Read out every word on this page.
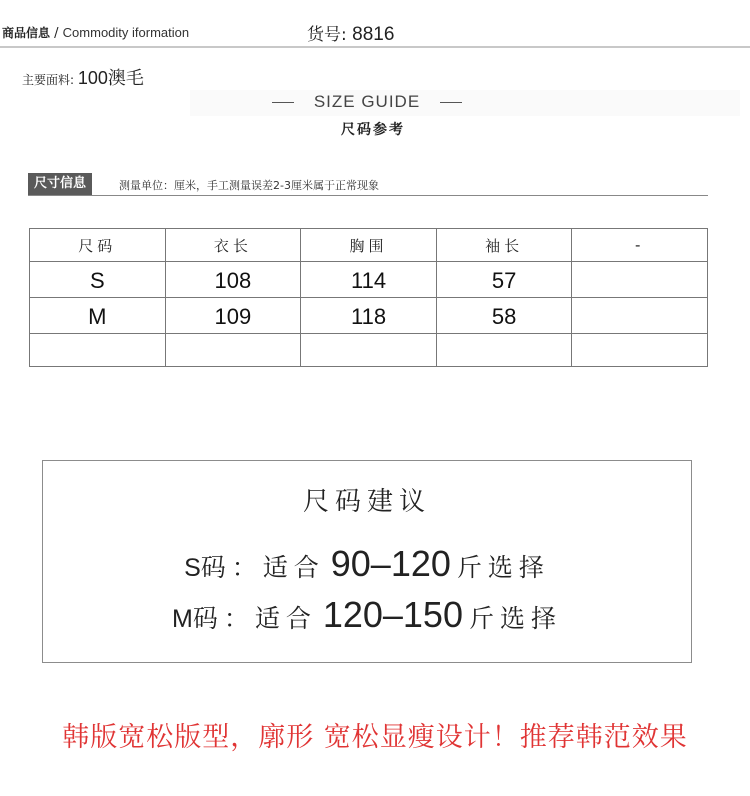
商品信息 / Commodity iformation	货号: 8816
主要面料: 100澳毛
SIZE GUIDE
尺码参考
尺寸信息	测量单位：厘米，手工测量误差2-3厘米属于正常现象
尺码	衣长	胸围	袖长	-
S	108	114	57	
M	109	118	58	

尺码建议
S码：适合 90–120 斤选择
M码：适合 120–150 斤选择
韩版宽松版型，廓形 宽松显瘦设计！推荐韩范效果
